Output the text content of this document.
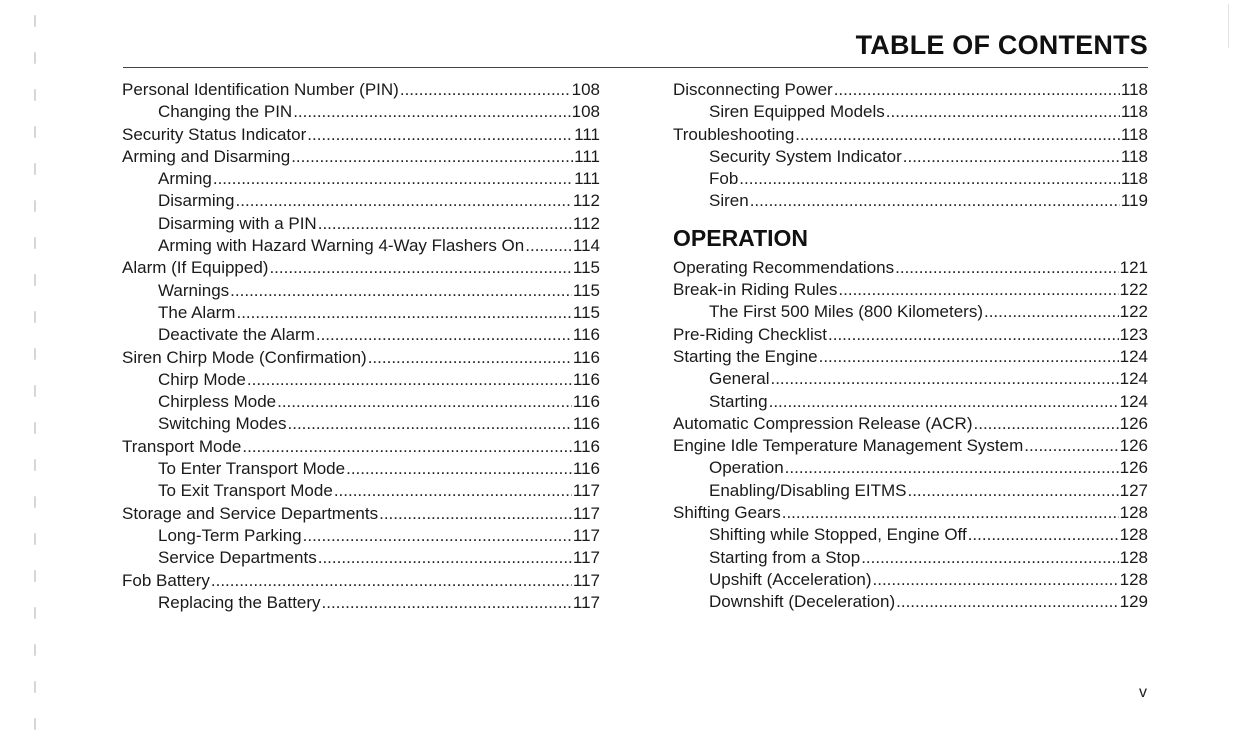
TABLE OF CONTENTS
Personal Identification Number (PIN) .....	108
Changing the PIN .....	108
Security Status Indicator .....	111
Arming and Disarming .....	111
Arming .....	111
Disarming .....	112
Disarming with a PIN .....	112
Arming with Hazard Warning 4-Way Flashers On .....	114
Alarm (If Equipped) .....	115
Warnings .....	115
The Alarm .....	115
Deactivate the Alarm .....	116
Siren Chirp Mode (Confirmation) .....	116
Chirp Mode .....	116
Chirpless Mode .....	116
Switching Modes .....	116
Transport Mode .....	116
To Enter Transport Mode .....	116
To Exit Transport Mode .....	117
Storage and Service Departments .....	117
Long-Term Parking .....	117
Service Departments .....	117
Fob Battery .....	117
Replacing the Battery .....	117
Disconnecting Power .....	118
Siren Equipped Models .....	118
Troubleshooting .....	118
Security System Indicator .....	118
Fob .....	118
Siren .....	119
OPERATION
Operating Recommendations .....	121
Break-in Riding Rules .....	122
The First 500 Miles (800 Kilometers) .....	122
Pre-Riding Checklist .....	123
Starting the Engine .....	124
General .....	124
Starting .....	124
Automatic Compression Release (ACR) .....	126
Engine Idle Temperature Management System .....	126
Operation .....	126
Enabling/Disabling EITMS .....	127
Shifting Gears .....	128
Shifting while Stopped, Engine Off .....	128
Starting from a Stop .....	128
Upshift (Acceleration) .....	128
Downshift (Deceleration) .....	129
v
